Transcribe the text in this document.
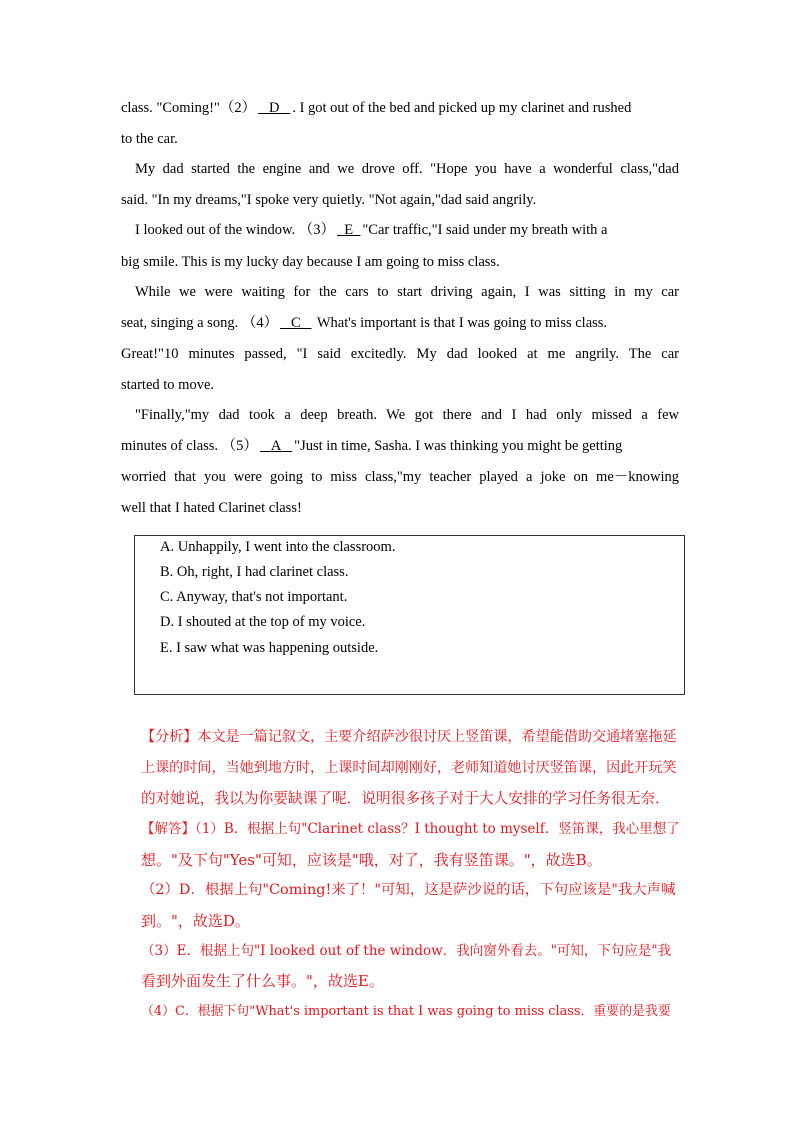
class. "Coming!"（2） D . I got out of the bed and picked up my clarinet and rushed
to the car.
My dad started the engine and we drove off. "Hope you have a wonderful class,"dad
said. "In my dreams,"I spoke very quietly. "Not again,"dad said angrily.
I looked out of the window. （3） E "Car traffic,"I said under my breath with a
big smile. This is my lucky day because I am going to miss class.
While we were waiting for the cars to start driving again, I was sitting in my car
seat, singing a song. （4） C What's important is that I was going to miss class.
Great!"10 minutes passed, "I said excitedly. My dad looked at me angrily. The car
started to move.
"Finally,"my dad took a deep breath. We got there and I had only missed a few
minutes of class. （5） A "Just in time, Sasha. I was thinking you might be getting
worried that you were going to miss class,"my teacher played a joke on me－knowing
well that I hated Clarinet class!
A. Unhappily, I went into the classroom.
B. Oh, right, I had clarinet class.
C. Anyway, that's not important.
D. I shouted at the top of my voice.
E. I saw what was happening outside.
【分析】本文是一篇记叙文，主要介绍萨沙很讨厌上竖笛课，希望能借助交通堵塞拖延
上课的时间，当她到地方时，上课时间却刚刚好，老师知道她讨厌竖笛课，因此开玩笑
的对她说，我以为你要缺课了呢．说明很多孩子对于大人安排的学习任务很无奈．
【解答】（1）B．根据上句"Clarinet class？I thought to myself．竖笛课，我心里想了
想。"及下句"Yes"可知，应该是"哦，对了，我有竖笛课。"，故选B。
（2）D．根据上句"Coming!来了！"可知，这是萨沙说的话，下句应该是"我大声喊
到。"，故选D。
（3）E．根据上句"I looked out of the window．我向窗外看去。"可知，下句应是"我
看到外面发生了什么事。"，故选E。
（4）C．根据下句"What's important is that I was going to miss class．重要的是我要
